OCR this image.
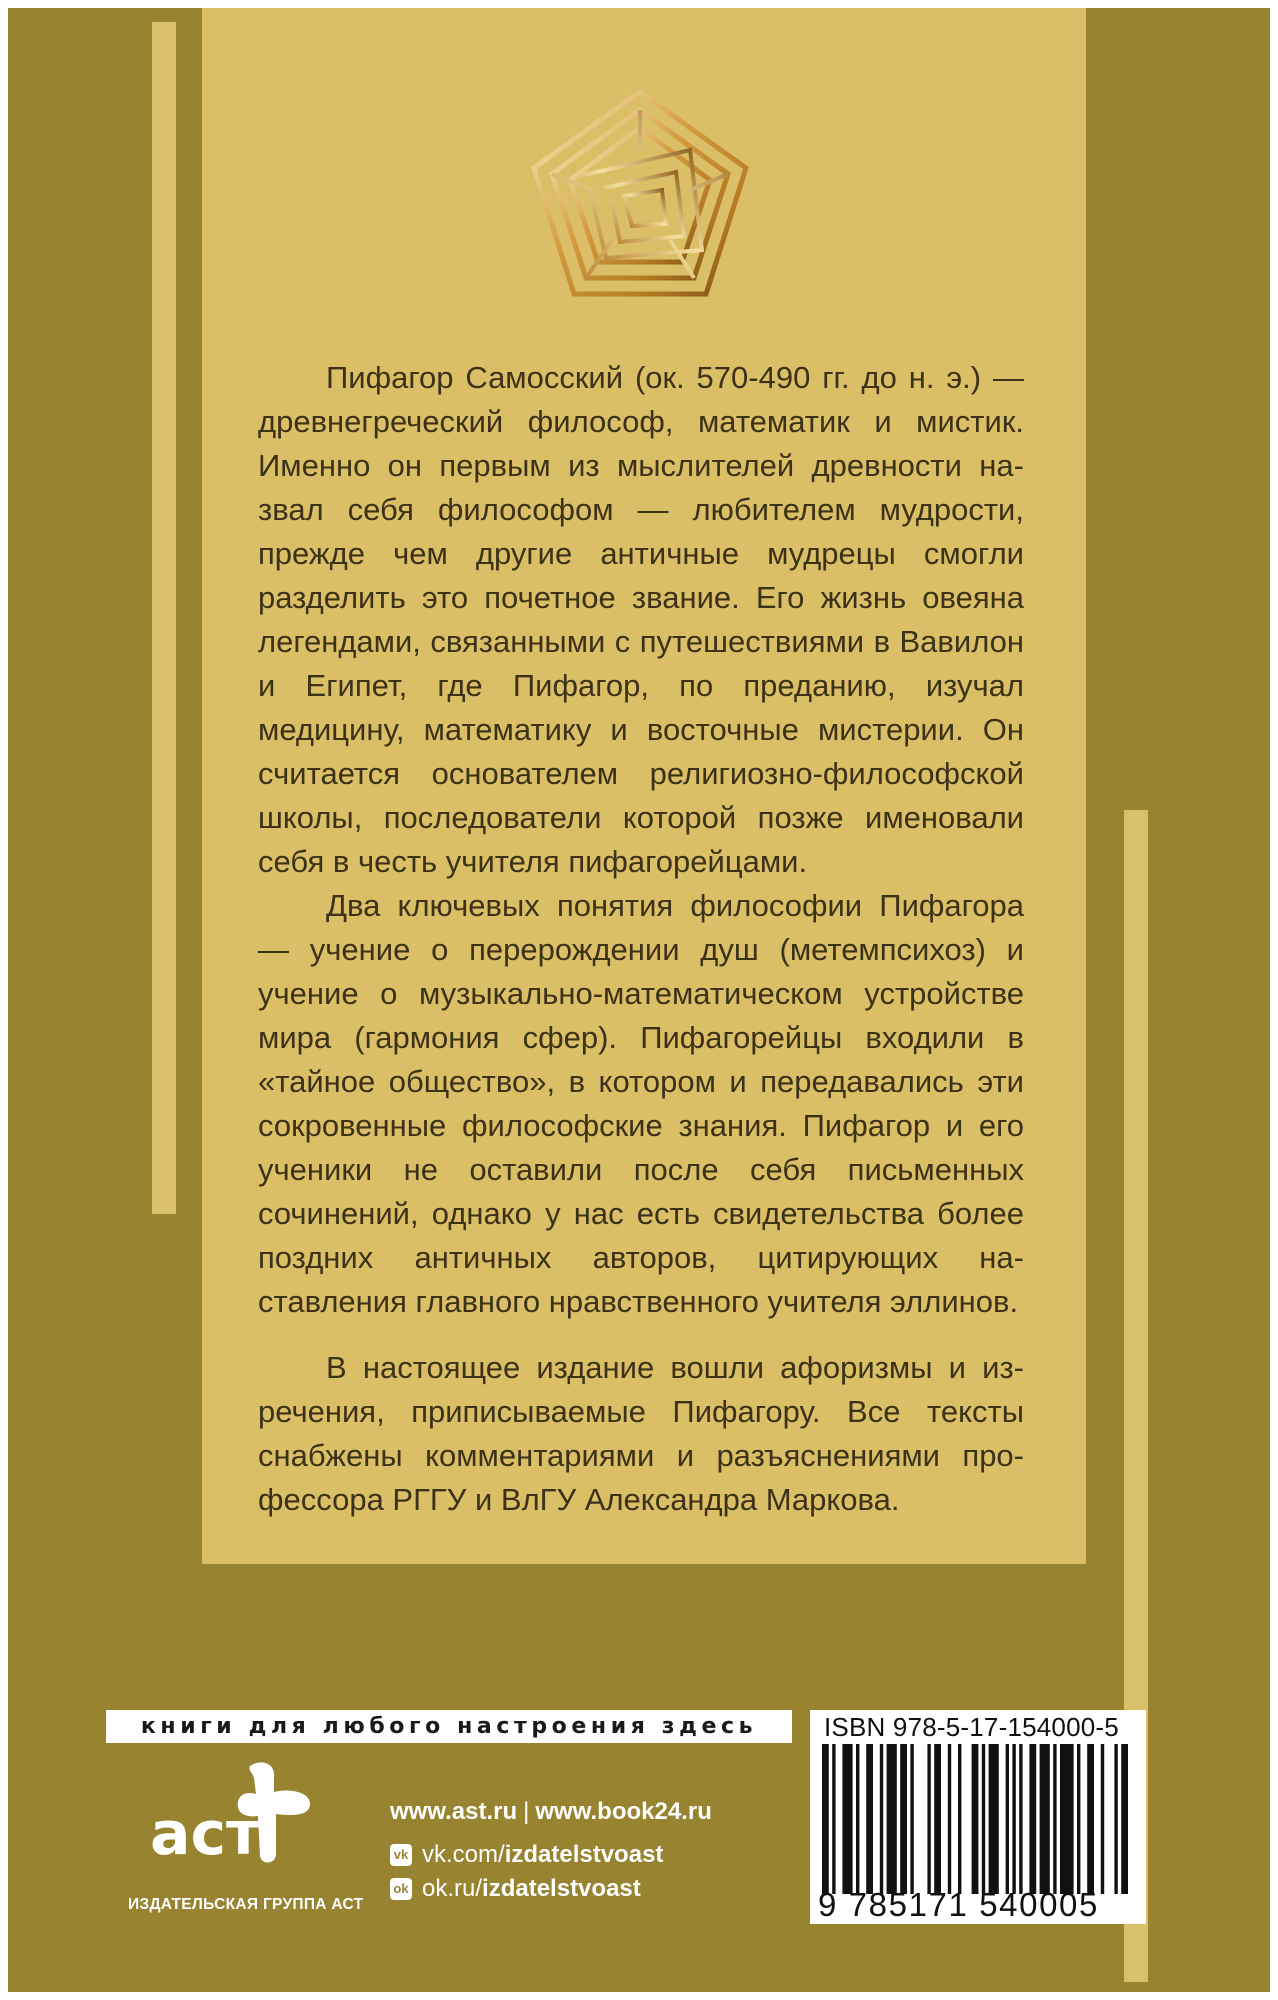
Пифагор Самосский (ок. 570-490 гг. до н. э.) — древнегреческий философ, математик и мистик. Именно он первым из мыслителей древности назвал себя философом — любителем мудрости, прежде чем другие античные мудрецы смогли разделить это почетное звание. Его жизнь овеяна легендами, связанными с путешествиями в Вавилон и Египет, где Пифагор, по преданию, изучал медицину, математику и восточные мистерии. Он считается основателем религиозно-философской школы, последователи которой позже именовали себя в честь учителя пифагорейцами.

Два ключевых понятия философии Пифагора — учение о перерождении душ (метемпсихоз) и учение о музыкально-математическом устройстве мира (гармония сфер). Пифагорейцы входили в «тайное общество», в котором и передавались эти сокровенные философские знания. Пифагор и его ученики не оставили после себя письменных сочинений, однако у нас есть свидетельства более поздних античных авторов, цитирующих наставления главного нравственного учителя эллинов.

В настоящее издание вошли афоризмы и изречения, приписываемые Пифагору. Все тексты снабжены комментариями и разъяснениями профессора РГГУ и ВлГУ Александра Маркова.

книги для любого настроения здесь	ISBN 978-5-17-154000-5
9 785171 540005
аст
ИЗДАТЕЛЬСКАЯ ГРУППА АСТ
www.ast.ru | www.book24.ru
vk vk.com/ izdatelstvoast
ok ok.ru/ izdatelstvoast
